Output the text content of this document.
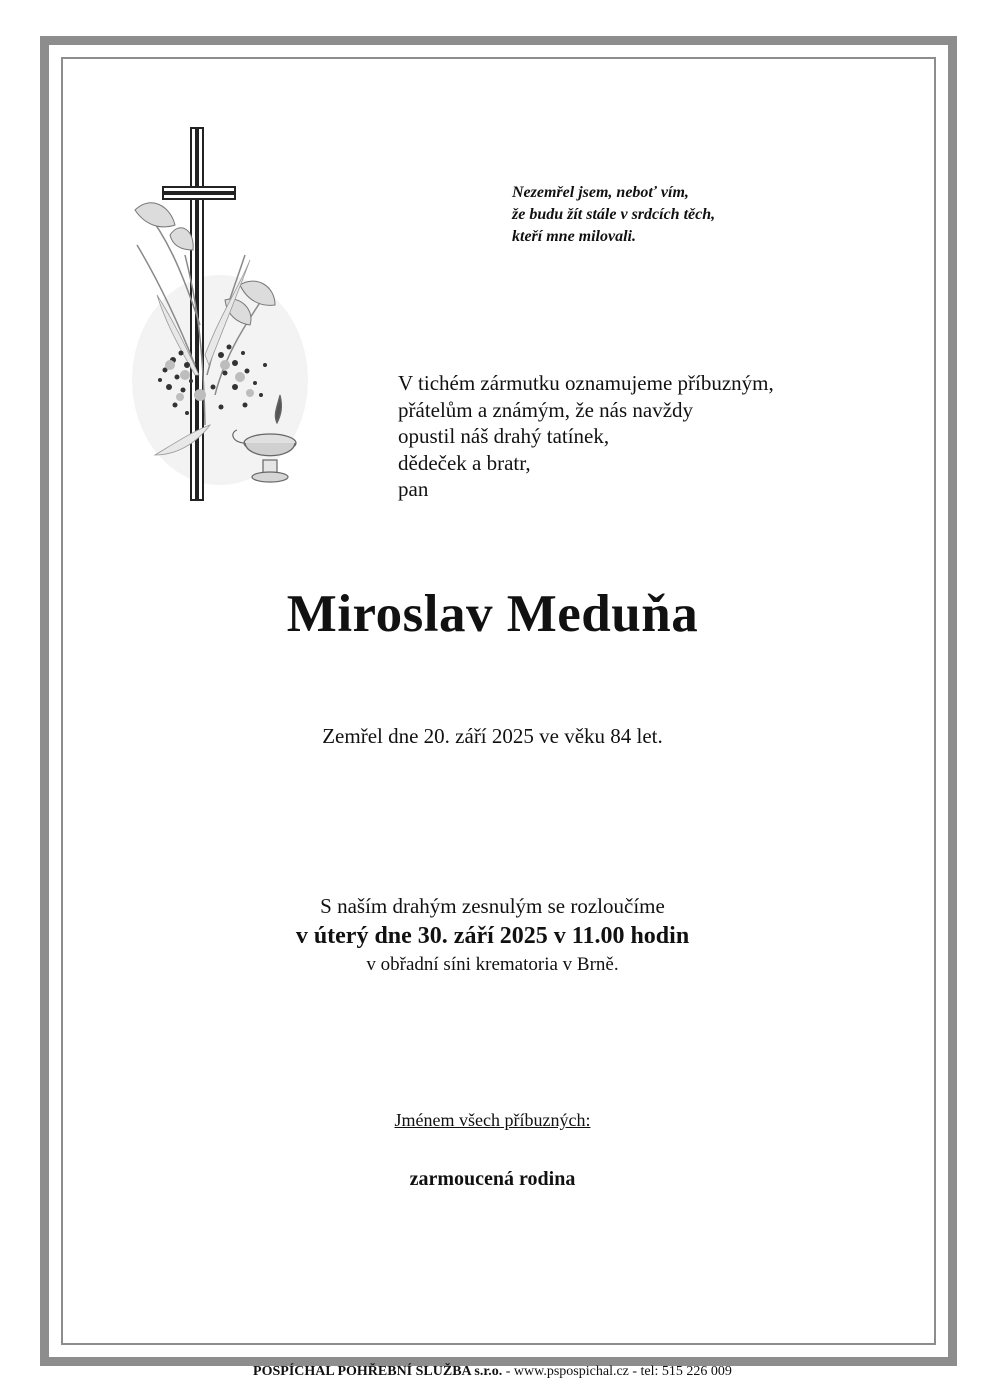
Nezemřel jsem, neboť vím,
že budu žít stále v srdcích těch,
kteří mne milovali.
V tichém zármutku oznamujeme příbuzným,
přátelům a známým, že nás navždy
opustil náš drahý tatínek,
dědeček a bratr,
pan
Miroslav Meduňa
Zemřel dne 20. září 2025 ve věku 84 let.
S naším drahým zesnulým se rozloučíme
v úterý dne 30. září 2025 v 11.00 hodin
v obřadní síni krematoria v Brně.
Jménem všech příbuzných:
zarmoucená rodina
POSPÍCHAL POHŘEBNÍ SLUŽBA s.r.o. - www.pspospichal.cz - tel: 515 226 009
